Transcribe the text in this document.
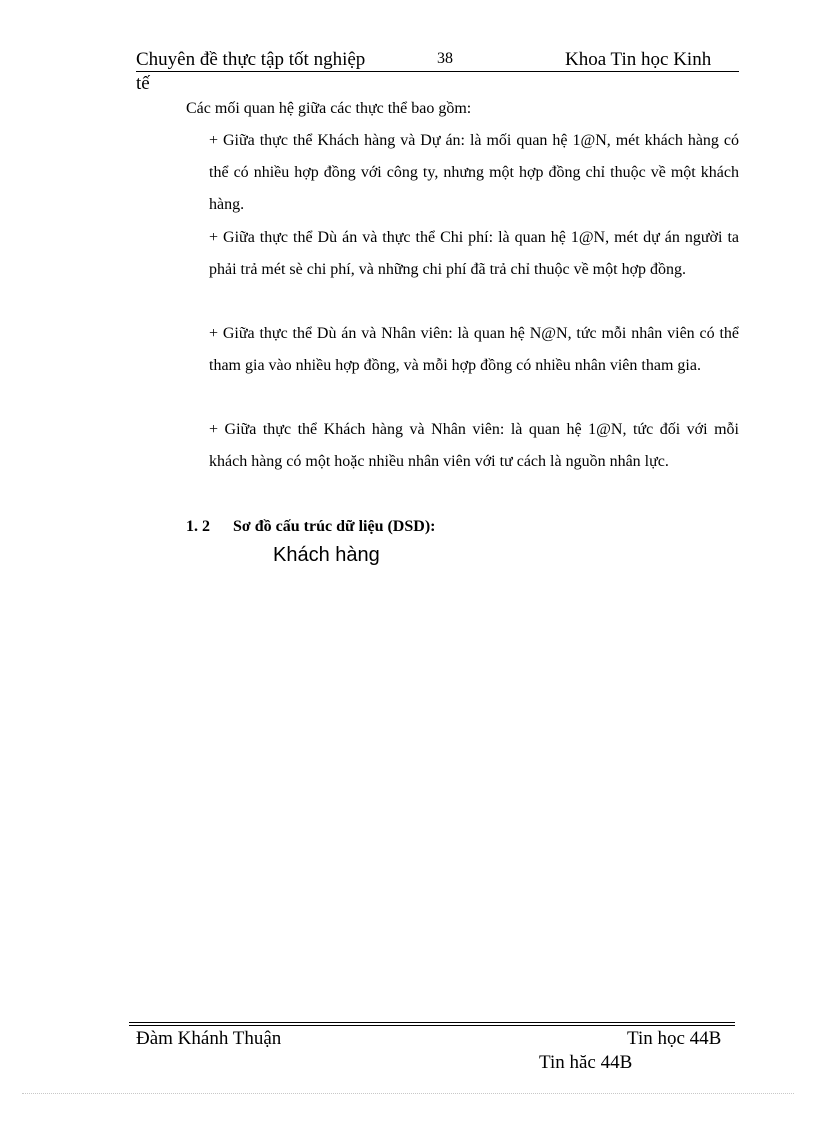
Chuyên đề thực tập tốt nghiệp	38	Khoa Tin học Kinh
tế
Các mối quan hệ giữa các thực thể bao gồm:
+ Giữa thực thể Khách hàng và Dự án: là mối quan hệ 1@N, mét khách hàng có thể có nhiều hợp đồng với công ty, nhưng một hợp đồng chỉ thuộc về một khách hàng.
+ Giữa thực thể Dù án và thực thể Chi phí: là quan hệ 1@N, mét dự án người ta phải trả mét sè chi phí, và những chi phí đã trả chỉ thuộc về một hợp đồng.
+ Giữa thực thể Dù án và Nhân viên: là quan hệ N@N, tức mỗi nhân viên có thể tham gia vào nhiều hợp đồng, và mỗi hợp đồng có nhiều nhân viên tham gia.
+ Giữa thực thể Khách hàng và Nhân viên: là quan hệ 1@N, tức đối với mỗi khách hàng có một hoặc nhiều nhân viên với tư cách là nguồn nhân lực.
1. 2 Sơ đồ cấu trúc dữ liệu (DSD):
Khách hàng
Đàm Khánh Thuận	Tin học 44B
Tin hăc 44B
